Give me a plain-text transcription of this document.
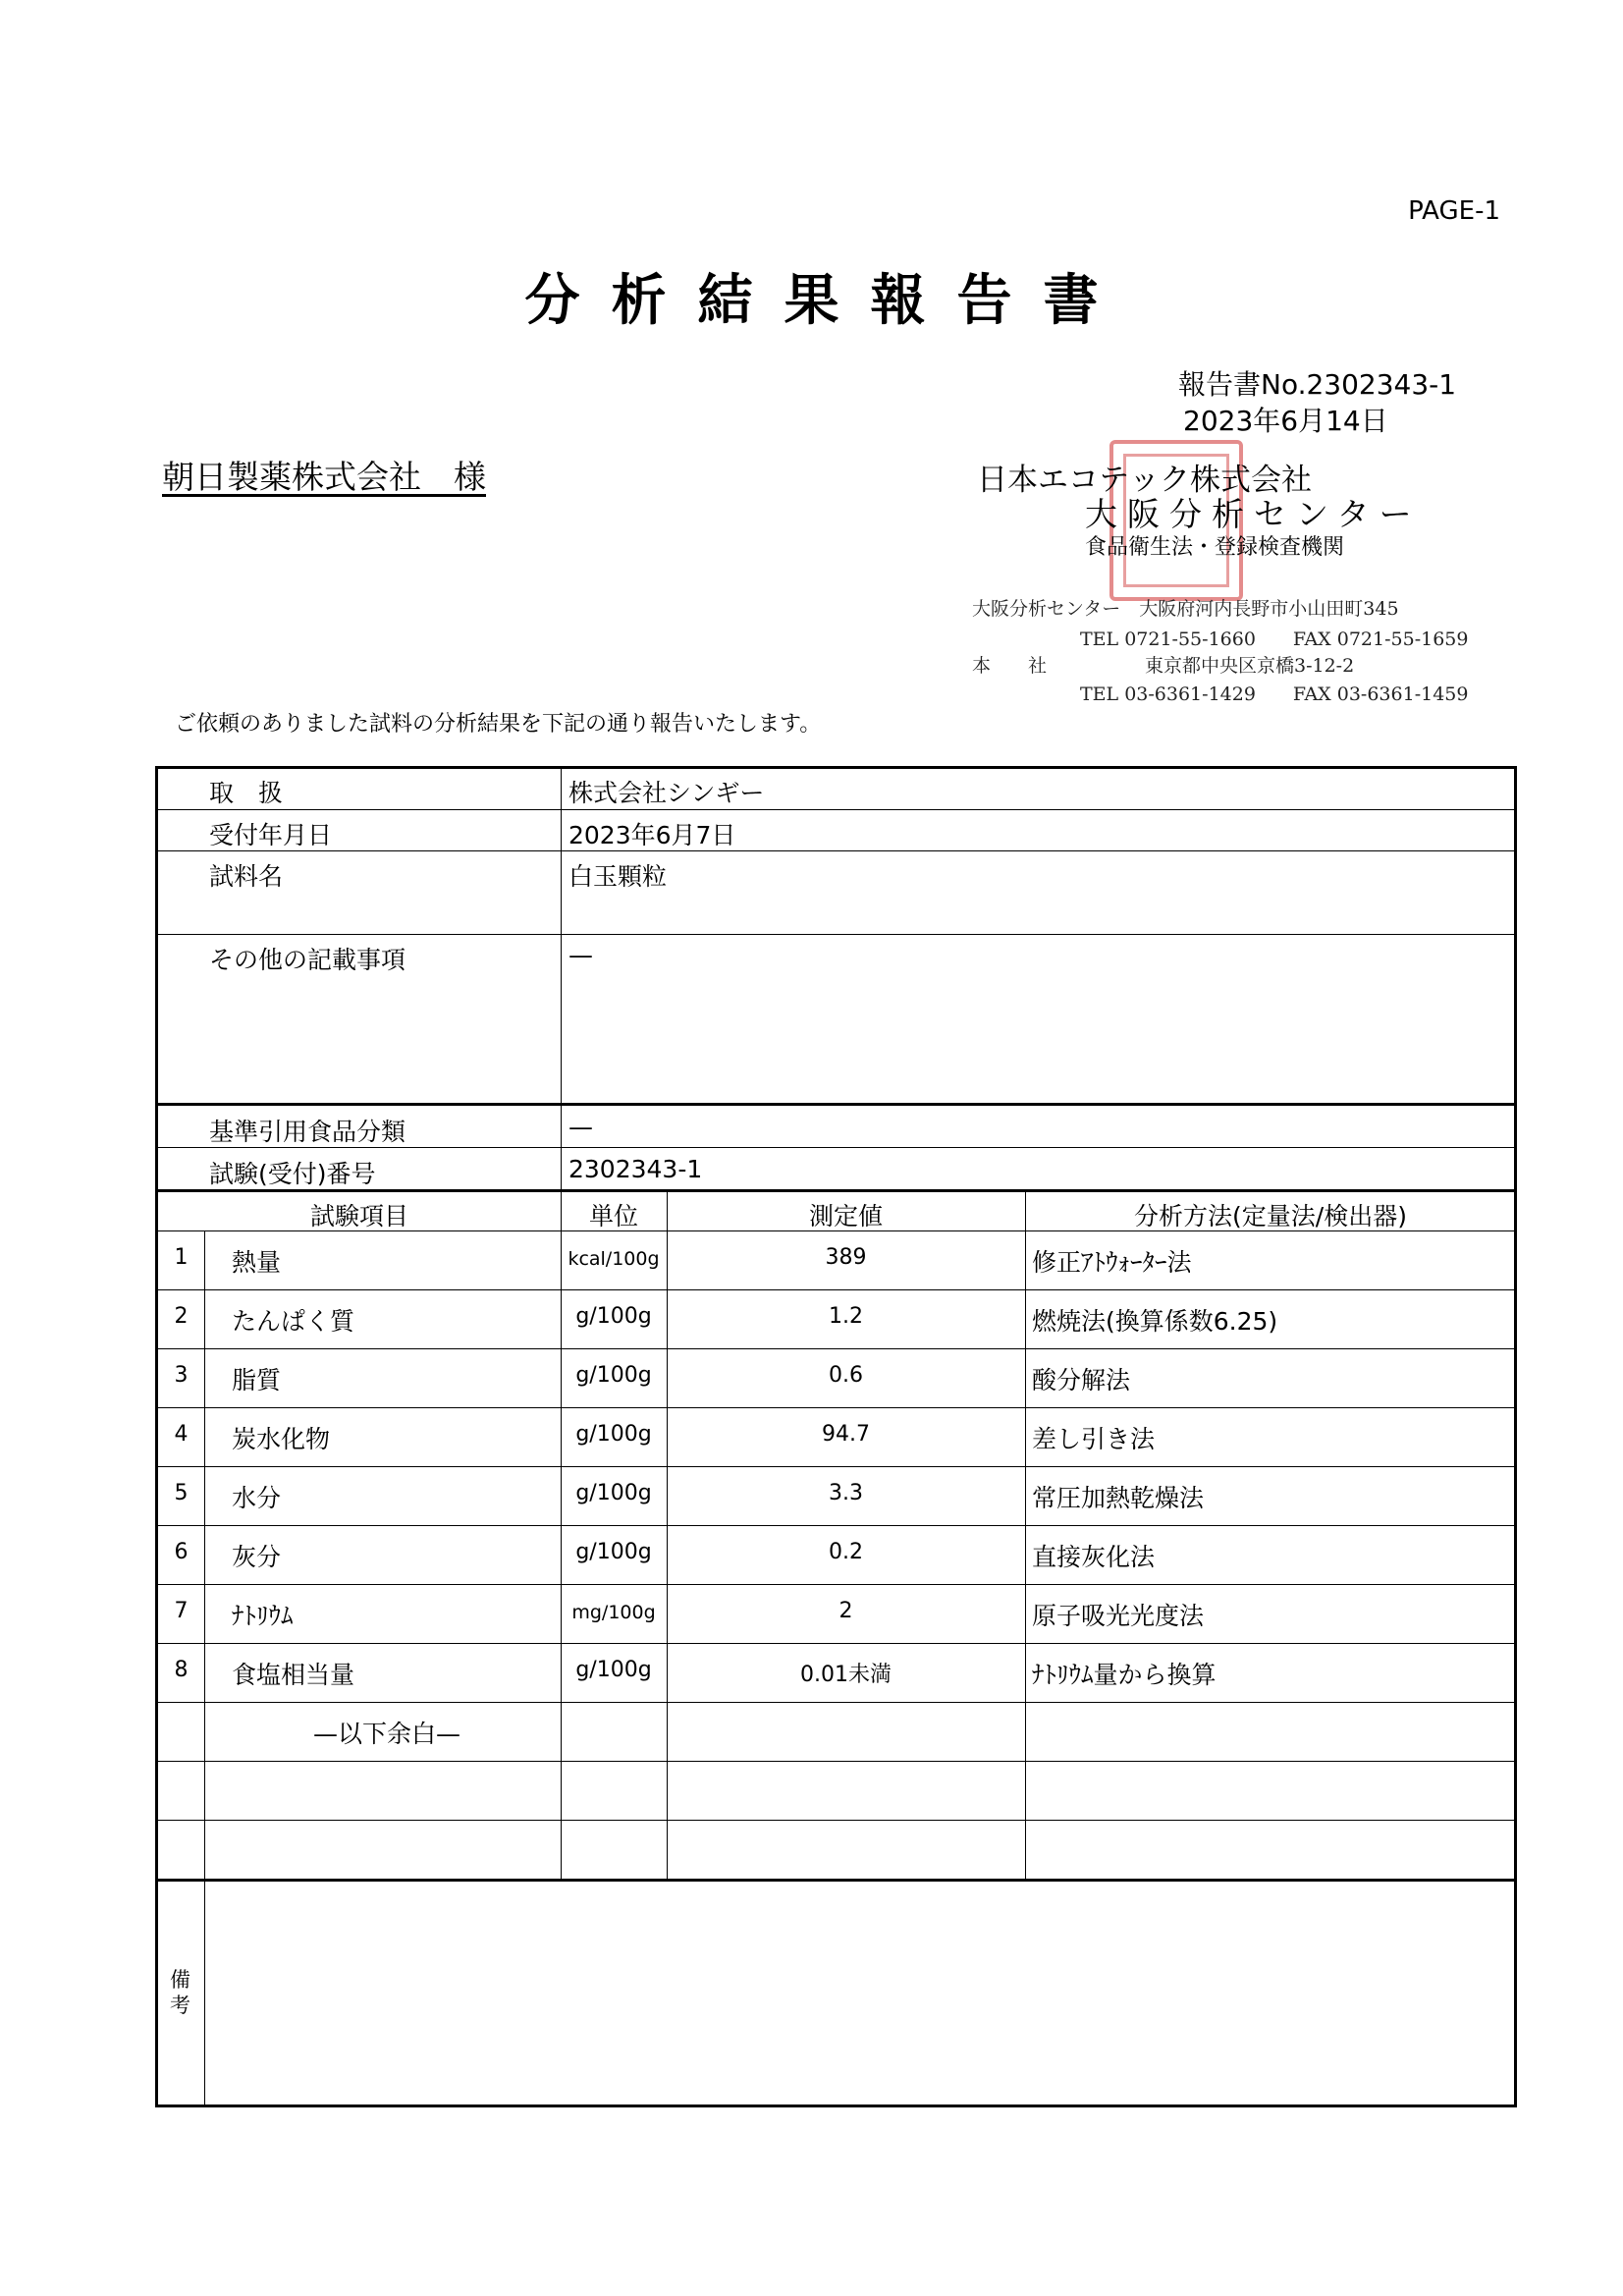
PAGE-1
分析結果報告書
報告書No.2302343-1
2023年6月14日
朝日製薬株式会社　様	日本エコテック株式会社
大阪分析センター
食品衛生法・登録検査機関
大阪分析センター　 大阪府河内長野市小山田町345
TEL 0721-55-1660　　FAX 0721-55-1659
本　　社	東京都中央区京橋3-12-2
TEL 03-6361-1429　　FAX 03-6361-1459
ご依頼のありました試料の分析結果を下記の通り報告いたします。
取　扱	株式会社シンギー
受付年月日	2023年6月7日
試料名	白玉顆粒
その他の記載事項	—
基準引用食品分類	—
試験(受付)番号	2302343-1
試験項目	単位	測定値	分析方法(定量法/検出器)
1	熱量	kcal/100g	389	修正ｱﾄｳｫｰﾀｰ法
2	たんぱく質	g/100g	1.2	燃焼法(換算係数6.25)
3	脂質	g/100g	0.6	酸分解法
4	炭水化物	g/100g	94.7	差し引き法
5	水分	g/100g	3.3	常圧加熱乾燥法
6	灰分	g/100g	0.2	直接灰化法
7	ﾅﾄﾘｳﾑ	mg/100g	2	原子吸光光度法
8	食塩相当量	g/100g	0.01未満	ﾅﾄﾘｳﾑ量から換算
—以下余白—
備
考
